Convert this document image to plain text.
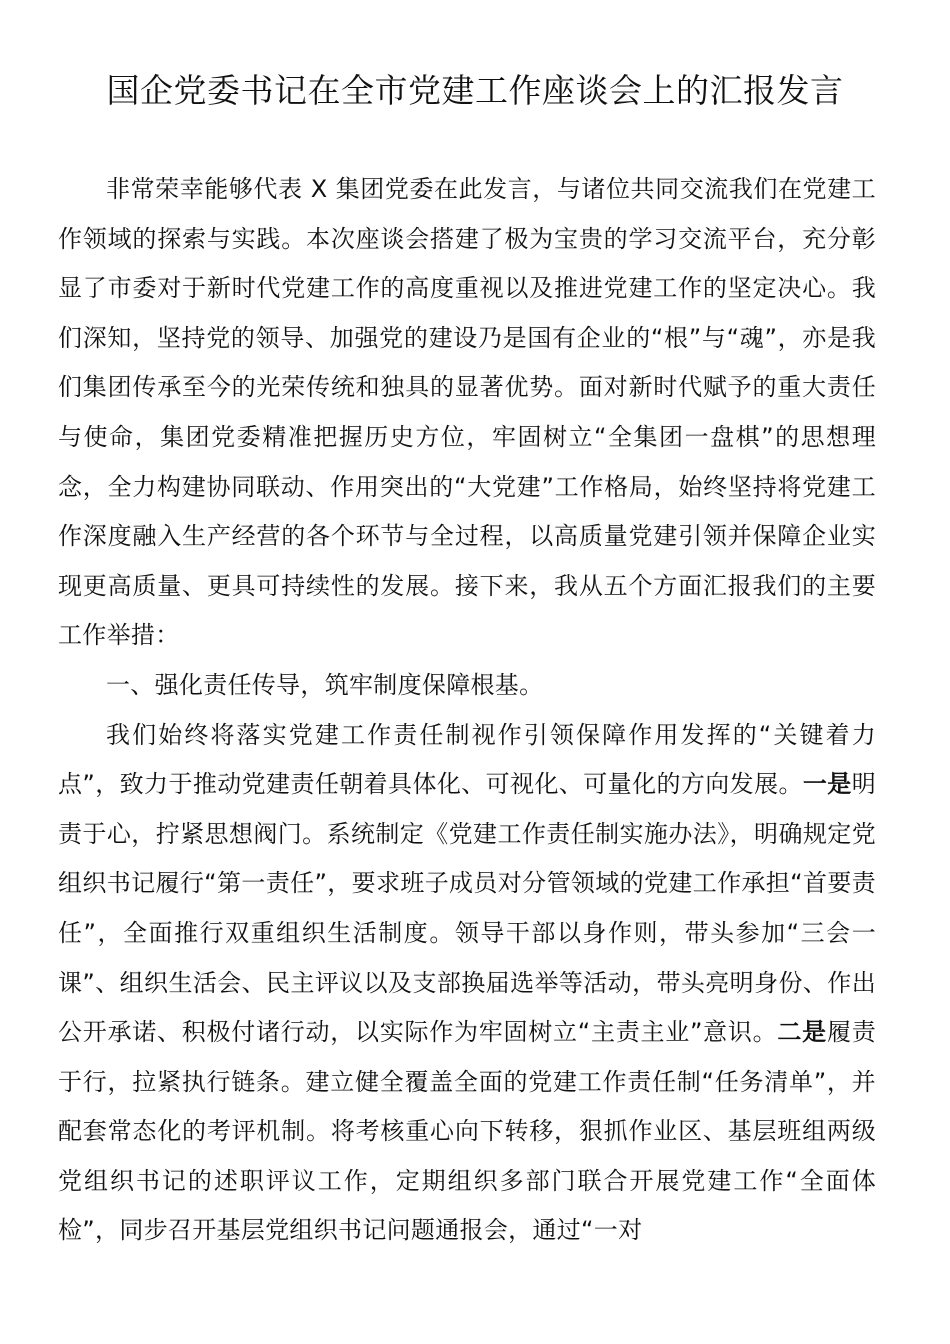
国企党委书记在全市党建工作座谈会上的汇报发言

非常荣幸能够代表 X 集团党委在此发言，与诸位共同交流我们在党建工作领域的探索与实践。本次座谈会搭建了极为宝贵的学习交流平台，充分彰显了市委对于新时代党建工作的高度重视以及推进党建工作的坚定决心。我们深知，坚持党的领导、加强党的建设乃是国有企业的“根”与“魂”，亦是我们集团传承至今的光荣传统和独具的显著优势。面对新时代赋予的重大责任与使命，集团党委精准把握历史方位，牢固树立“全集团一盘棋”的思想理念，全力构建协同联动、作用突出的“大党建”工作格局，始终坚持将党建工作深度融入生产经营的各个环节与全过程，以高质量党建引领并保障企业实现更高质量、更具可持续性的发展。接下来，我从五个方面汇报我们的主要工作举措：

一、强化责任传导，筑牢制度保障根基。

我们始终将落实党建工作责任制视作引领保障作用发挥的“关键着力点”，致力于推动党建责任朝着具体化、可视化、可量化的方向发展。一是明责于心，拧紧思想阀门。系统制定《党建工作责任制实施办法》，明确规定党组织书记履行“第一责任”，要求班子成员对分管领域的党建工作承担“首要责任”，全面推行双重组织生活制度。领导干部以身作则，带头参加“三会一课”、组织生活会、民主评议以及支部换届选举等活动，带头亮明身份、作出公开承诺、积极付诸行动，以实际作为牢固树立“主责主业”意识。二是履责于行，拉紧执行链条。建立健全覆盖全面的党建工作责任制“任务清单”，并配套常态化的考评机制。将考核重心向下转移，狠抓作业区、基层班组两级党组织书记的述职评议工作，定期组织多部门联合开展党建工作“全面体检”，同步召开基层党组织书记问题通报会，通过“一对
